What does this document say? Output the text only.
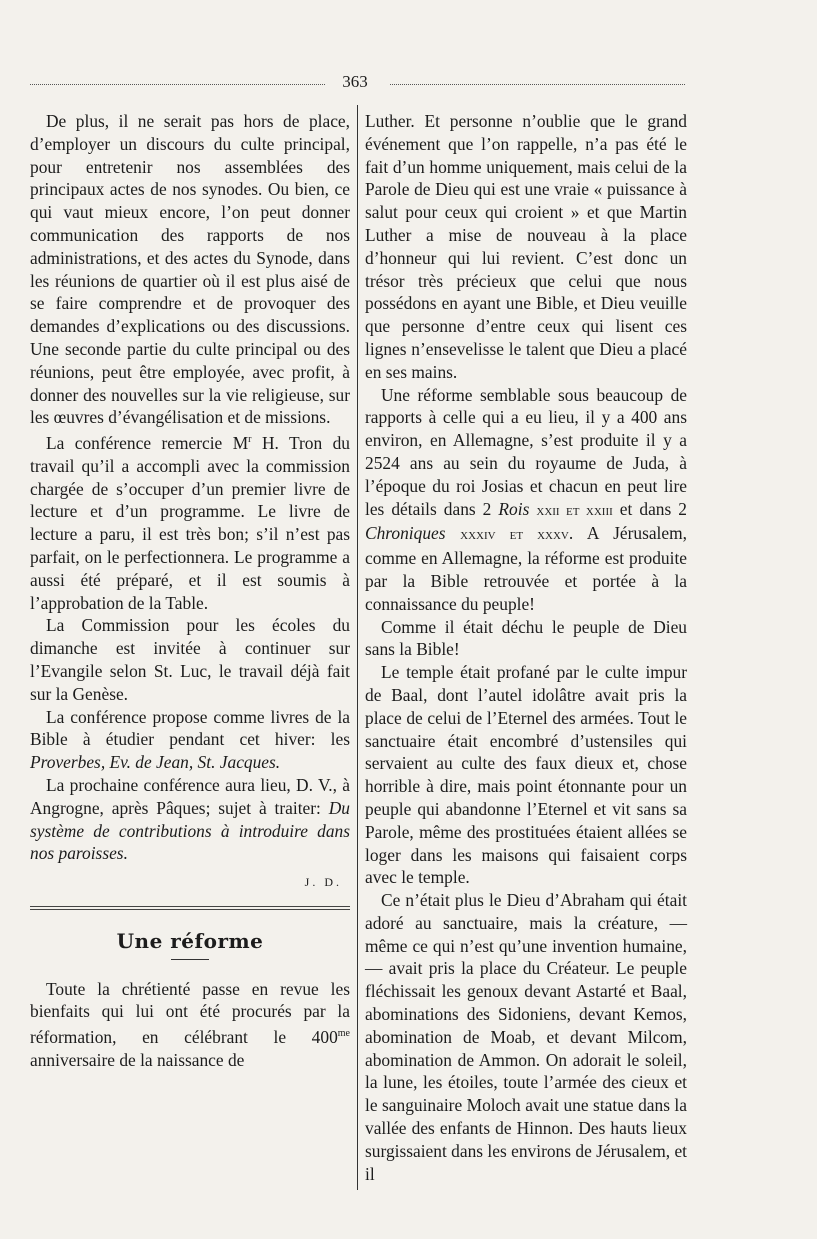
363

De plus, il ne serait pas hors de place, d’employer un discours du culte principal, pour entretenir nos assemblées des principaux actes de nos synodes. Ou bien, ce qui vaut mieux encore, l’on peut donner communication des rapports de nos administrations, et des actes du Synode, dans les réunions de quartier où il est plus aisé de se faire comprendre et de provoquer des demandes d’explications ou des discussions. Une seconde partie du culte principal ou des réunions, peut être employée, avec profit, à donner des nouvelles sur la vie religieuse, sur les œuvres d’évangélisation et de missions.

La conférence remercie $M^r$ H. Tron du travail qu’il a accompli avec la commission chargée de s’occuper d’un premier livre de lecture et d’un programme. Le livre de lecture a paru, il est très bon; s’il n’est pas parfait, on le perfectionnera. Le programme a aussi été préparé, et il est soumis à l’approbation de la Table.

La Commission pour les écoles du dimanche est invitée à continuer sur l’Evangile selon St. Luc, le travail déjà fait sur la Genèse.

La conférence propose comme livres de la Bible à étudier pendant cet hiver: les Proverbes, Ev. de Jean, St. Jacques.

La prochaine conférence aura lieu, D. V., à Angrogne, après Pâques; sujet à traiter: Du système de contributions à introduire dans nos paroisses.

J. D.
Une réforme

Toute la chrétienté passe en revue les bienfaits qui lui ont été procurés par la réformation, en célébrant le $400^{me}$ anniversaire de la naissance de

Luther. Et personne n’oublie que le grand événement que l’on rappelle, n’a pas été le fait d’un homme uniquement, mais celui de la Parole de Dieu qui est une vraie « puissance à salut pour ceux qui croient » et que Martin Luther a mise de nouveau à la place d’honneur qui lui revient. C’est donc un trésor très précieux que celui que nous possédons en ayant une Bible, et Dieu veuille que personne d’entre ceux qui lisent ces lignes n’ensevelisse le talent que Dieu a placé en ses mains.

Une réforme semblable sous beaucoup de rapports à celle qui a eu lieu, il y a 400 ans environ, en Allemagne, s’est produite il y a 2524 ans au sein du royaume de Juda, à l’époque du roi Josias et chacun en peut lire les détails dans 2 Rois xxii et xxiii et dans 2 Chroniques xxxiv et xxxv. A Jérusalem, comme en Allemagne, la réforme est produite par la Bible retrouvée et portée à la connaissance du peuple!

Comme il était déchu le peuple de Dieu sans la Bible!

Le temple était profané par le culte impur de Baal, dont l’autel idolâtre avait pris la place de celui de l’Eternel des armées. Tout le sanctuaire était encombré d’ustensiles qui servaient au culte des faux dieux et, chose horrible à dire, mais point étonnante pour un peuple qui abandonne l’Eternel et vit sans sa Parole, même des prostituées étaient allées se loger dans les maisons qui faisaient corps avec le temple.

Ce n’était plus le Dieu d’Abraham qui était adoré au sanctuaire, mais la créature, — même ce qui n’est qu’une invention humaine, — avait pris la place du Créateur. Le peuple fléchissait les genoux devant Astarté et Baal, abominations des Sidoniens, devant Kemos, abomination de Moab, et devant Milcom, abomination de Ammon. On adorait le soleil, la lune, les étoiles, toute l’armée des cieux et le sanguinaire Moloch avait une statue dans la vallée des enfants de Hinnon. Des hauts lieux surgissaient dans les environs de Jérusalem, et il
